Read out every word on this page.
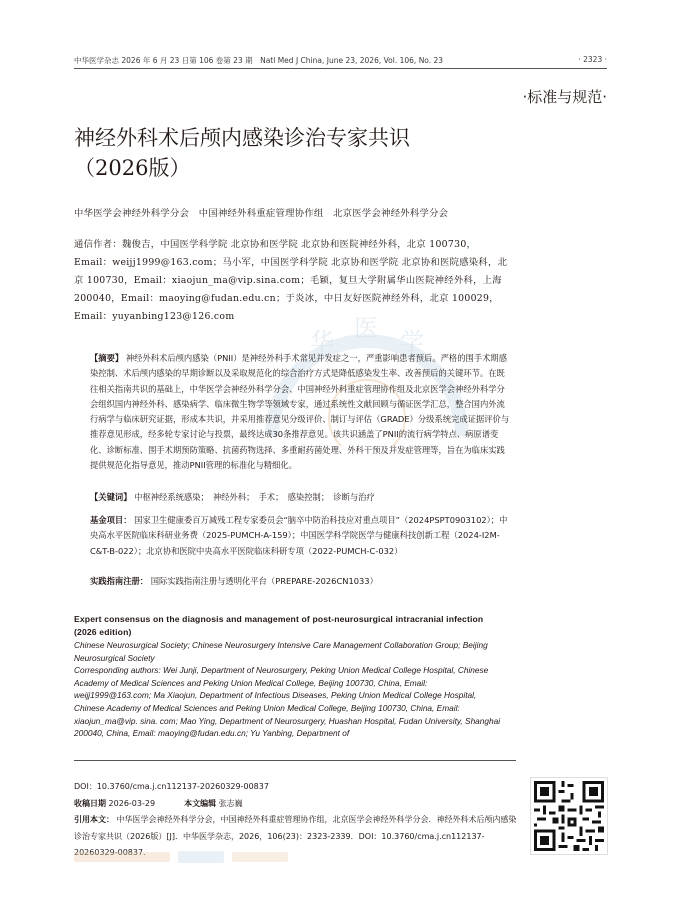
中华医学杂志 2026 年 6 月 23 日第 106 卷第 23 期　Natl Med J China, June 23, 2026, Vol. 106, No. 23	· 2323 ·
·标准与规范·
神经外科术后颅内感染诊治专家共识
（2026版）
华 医 学
中华医学会神经外科学分会　中国神经外科重症管理协作组　北京医学会神经外科学分会
通信作者：魏俊吉，中国医学科学院 北京协和医学院 北京协和医院神经外科，北京 100730，Email：weijj1999@163.com；马小军，中国医学科学院 北京协和医学院 北京协和医院感染科，北京 100730，Email：xiaojun_ma@vip.sina.com；毛颖，复旦大学附属华山医院神经外科，上海 200040，Email：maoying@fudan.edu.cn；于炎冰，中日友好医院神经外科，北京 100029，Email：yuyanbing123@126.com
【摘要】 神经外科术后颅内感染（PNII）是神经外科手术常见并发症之一，严重影响患者预后。严格的围手术期感染控制、术后颅内感染的早期诊断以及采取规范化的综合治疗方式是降低感染发生率、改善预后的关键环节。在既往相关指南共识的基础上，中华医学会神经外科学分会、中国神经外科重症管理协作组及北京医学会神经外科学分会组织国内神经外科、感染病学、临床微生物学等领域专家，通过系统性文献回顾与循证医学汇总，整合国内外流行病学与临床研究证据，形成本共识，并采用推荐意见分级评价、制订与评估（GRADE）分级系统完成证据评价与推荐意见形成，经多轮专家讨论与投票，最终达成30条推荐意见。该共识涵盖了PNII的流行病学特点、病原谱变化、诊断标准、围手术期预防策略、抗菌药物选择、多重耐药菌处理、外科干预及并发症管理等，旨在为临床实践提供规范化指导意见，推动PNII管理的标准化与精细化。
【关键词】 中枢神经系统感染；　神经外科；　手术；　感染控制；　诊断与治疗
基金项目： 国家卫生健康委百万减残工程专家委员会“脑卒中防治科技应对重点项目”（2024PSPT0903102）；中央高水平医院临床科研业务费（2025-PUMCH-A-159）；中国医学科学院医学与健康科技创新工程（2024-I2M-C&T-B-022）；北京协和医院中央高水平医院临床科研专项（2022-PUMCH-C-032）
实践指南注册： 国际实践指南注册与透明化平台（PREPARE-2026CN1033）

Expert consensus on the diagnosis and management of post-neurosurgical intracranial infection (2026 edition)

Chinese Neurosurgical Society; Chinese Neurosurgery Intensive Care Management Collaboration Group; Beijing Neurosurgical Society

Corresponding authors: Wei Junji, Department of Neurosurgery, Peking Union Medical College Hospital, Chinese Academy of Medical Sciences and Peking Union Medical College, Beijing 100730, China, Email: weijj1999@163.com; Ma Xiaojun, Department of Infectious Diseases, Peking Union Medical College Hospital, Chinese Academy of Medical Sciences and Peking Union Medical College, Beijing 100730, China, Email: xiaojun_ma@vip. sina. com; Mao Ying, Department of Neurosurgery, Huashan Hospital, Fudan University, Shanghai 200040, China, Email: maoying@fudan.edu.cn; Yu Yanbing, Department of

DOI：10.3760/cma.j.cn112137-20260329-00837
收稿日期 2026-03-29	本文编辑 张志巍
引用本文： 中华医学会神经外科学分会，中国神经外科重症管理协作组，北京医学会神经外科学分会．神经外科术后颅内感染诊治专家共识（2026版）[J]．中华医学杂志，2026，106(23)：2323-2339．DOI：10.3760/cma.j.cn112137-20260329-00837.
